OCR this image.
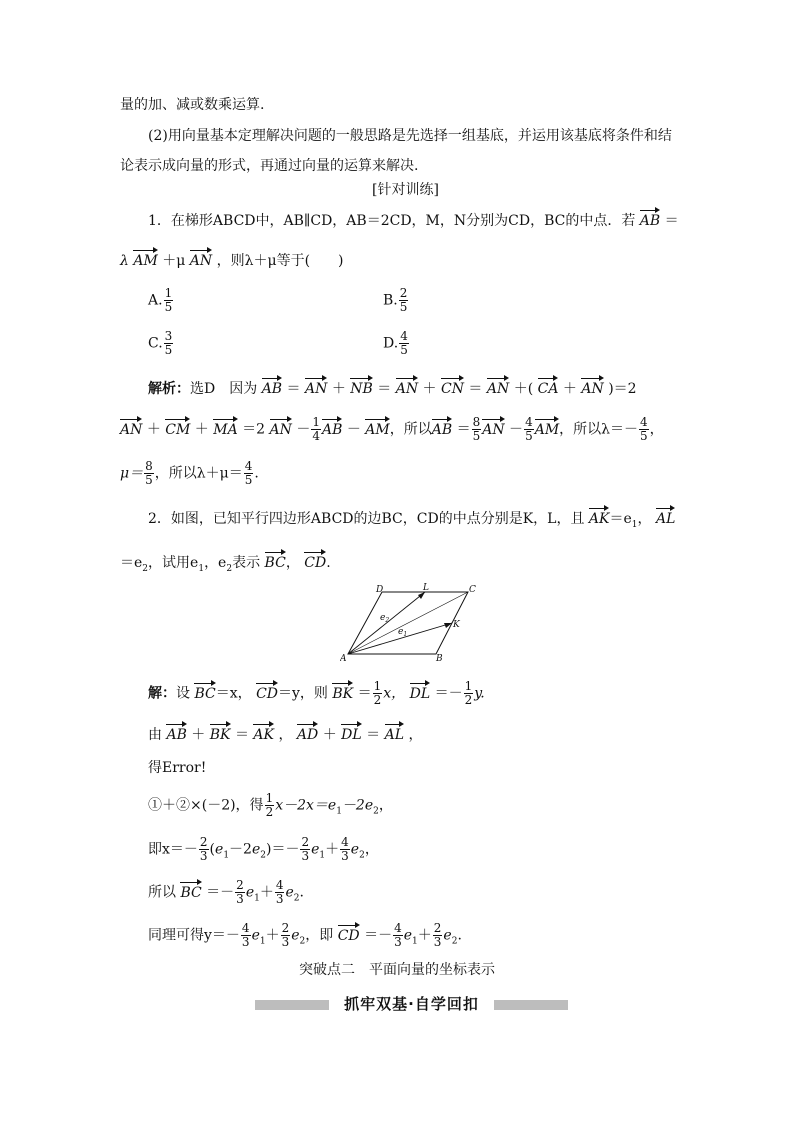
量的加、减或数乘运算.
(2)用向量基本定理解决问题的一般思路是先选择一组基底，并运用该基底将条件和结
论表示成向量的形式，再通过向量的运算来解决.
[针对训练]
1．在梯形ABCD中，AB∥CD，AB＝2CD，M，N分别为CD，BC的中点．若 AB ＝
λ AM ＋μ AN ，则λ＋μ等于(　　)
A. $\frac{1}{5}$	B. $\frac{2}{5}$
C. $\frac{3}{5}$	D. $\frac{4}{5}$
解析：选D　因为 AB ＝ AN ＋ NB ＝ AN ＋ CN ＝ AN ＋( CA ＋ AN )＝2
AN ＋ CM ＋ MA ＝2 AN － $\frac{1}{4}$ AB － AM，所以AB ＝ $\frac{8}{5}$ AN － $\frac{4}{5}$ AM，所以$\lambda=- \frac{4}{5}$ ，
$\mu= \frac{8}{5}$ ，所以$\lambda+\mu= \frac{4}{5}$ .
2．如图，已知平行四边形ABCD的边BC，CD的中点分别是K，L，且 $AK=e_1$， AL
$=e_2$，试用$e_1$，$e_2$表示 BC， CD.
A	B
C
D
K
L
$e_2$
$e_1$
解：设 BC＝x， CD＝y，则 BK ＝ $\frac{1}{2}$ x， DL ＝－ $\frac{1}{2} y$.
由 AB ＋ BK ＝ AK ， AD ＋ DL ＝ AL ，
得Error!
①＋②×(－2)，得 $\frac{1}{2} x-2x=e_1-2e_2$，
即$x=- \frac{2}{3} (e_1-2e_2)=- \frac{2}{3} e_1+ \frac{4}{3} e_2$，
所以 BC ＝－ $\frac{2}{3} e_1+ \frac{4}{3} e_2$.
同理可得$y=- \frac{4}{3} e_1+ \frac{2}{3} e_2$，即 CD ＝－ $\frac{4}{3} e_1+ \frac{2}{3} e_2$.
突破点二　平面向量的坐标表示
抓牢双基·自学回扣
